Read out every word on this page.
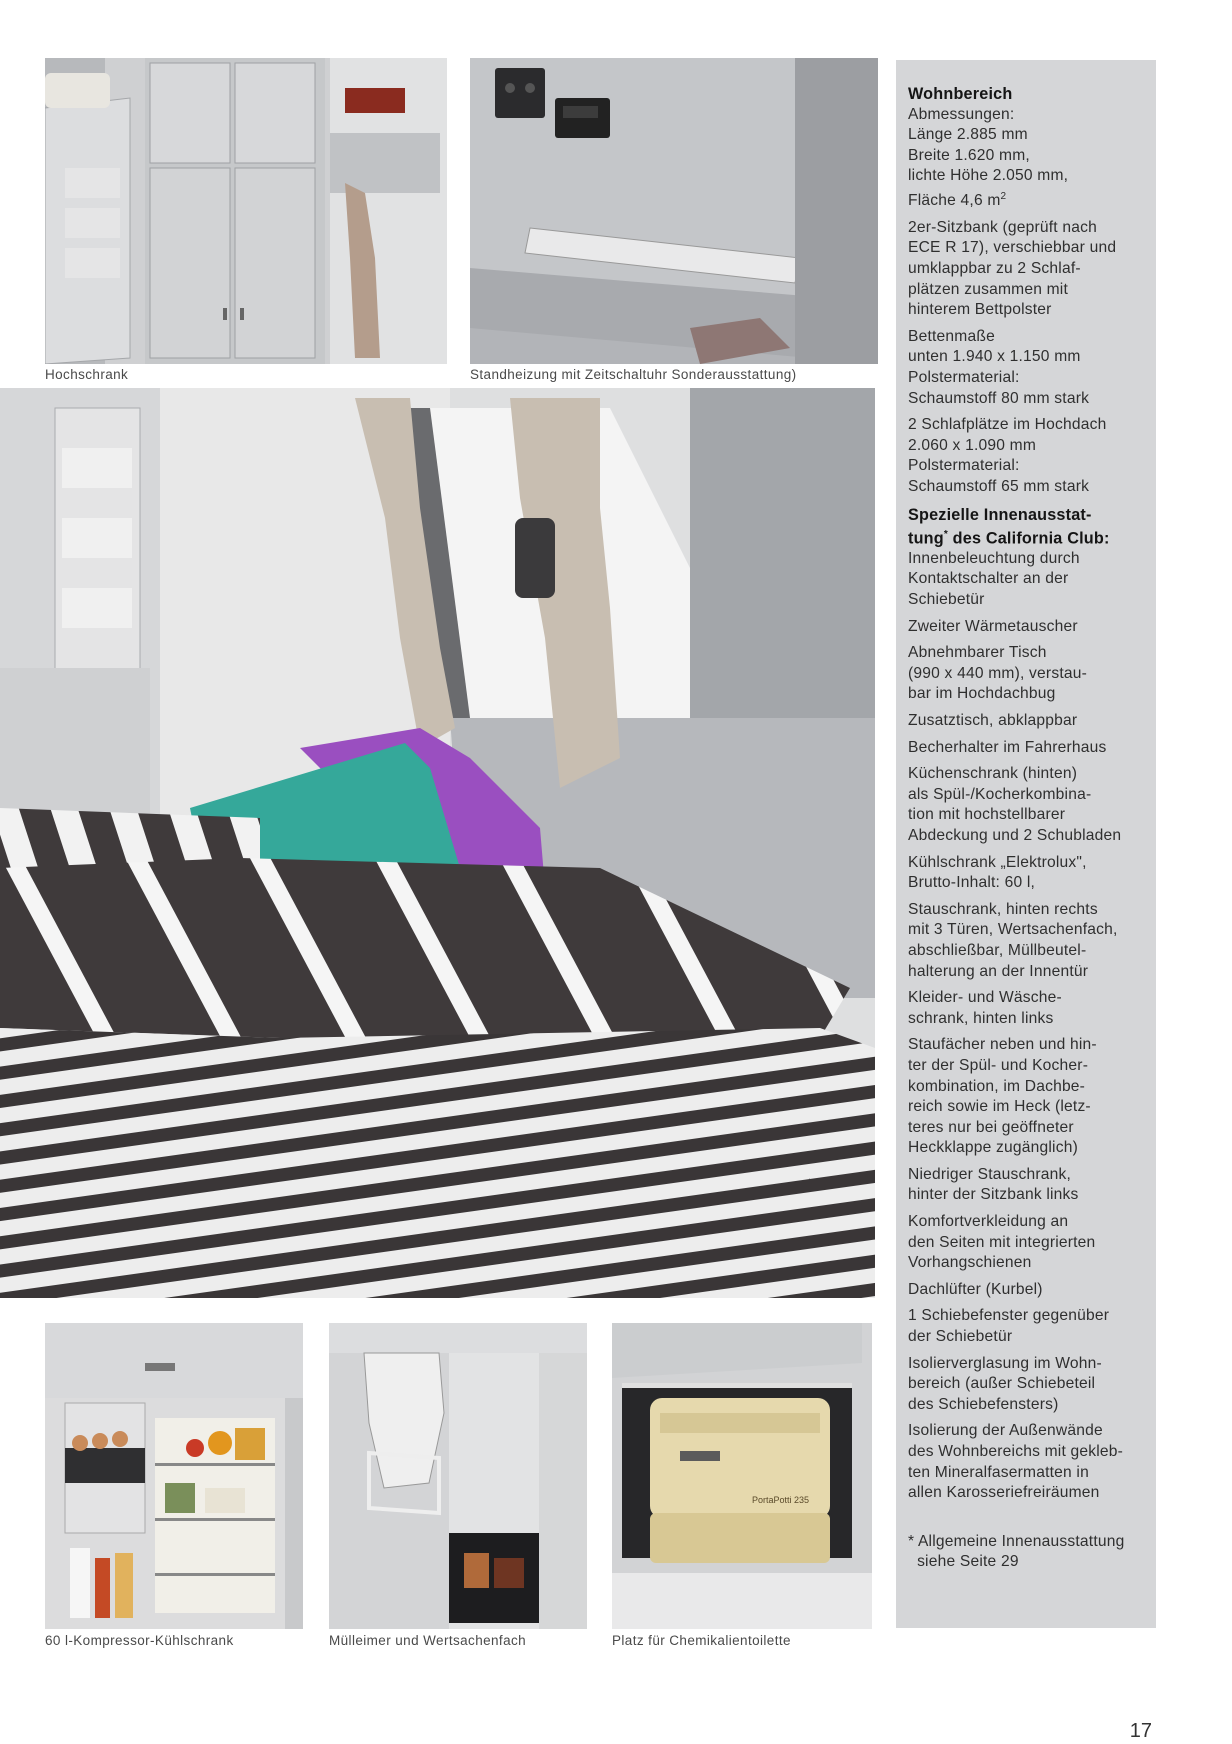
Hochschrank	Standheizung mit Zeitschaltuhr Sonderausstattung)
60 l-Kompressor-Kühlschrank	Mülleimer und Wertsachenfach
PortaPotti 235
Platz für Chemikalientoilette

Wohnbereich

Abmessungen:
Länge 2.885 mm
Breite 1.620 mm,
lichte Höhe 2.050 mm,
Fläche 4,6 $m^2$

2er-Sitzbank (geprüft nach
ECE R 17), verschiebbar und
umklappbar zu 2 Schlaf-
plätzen zusammen mit
hinterem Bettpolster

Bettenmaße
unten 1.940 x 1.150 mm
Polstermaterial:
Schaumstoff 80 mm stark

2 Schlafplätze im Hochdach
2.060 x 1.090 mm
Polstermaterial:
Schaumstoff 65 mm stark

Spezielle Innenausstat-
tung* des California Club:

Innenbeleuchtung durch
Kontaktschalter an der
Schiebetür

Zweiter Wärmetauscher

Abnehmbarer Tisch
(990 x 440 mm), verstau-
bar im Hochdachbug

Zusatztisch, abklappbar

Becherhalter im Fahrerhaus

Küchenschrank (hinten)
als Spül-/Kocherkombina-
tion mit hochstellbarer
Abdeckung und 2 Schubladen

Kühlschrank „Elektrolux",
Brutto-Inhalt: 60 l,

Stauschrank, hinten rechts
mit 3 Türen, Wertsachenfach,
abschließbar, Müllbeutel-
halterung an der Innentür

Kleider- und Wäsche-
schrank, hinten links

Staufächer neben und hin-
ter der Spül- und Kocher-
kombination, im Dachbe-
reich sowie im Heck (letz-
teres nur bei geöffneter
Heckklappe zugänglich)

Niedriger Stauschrank,
hinter der Sitzbank links

Komfortverkleidung an
den Seiten mit integrierten
Vorhangschienen

Dachlüfter (Kurbel)

1 Schiebefenster gegenüber
der Schiebetür

Isolierverglasung im Wohn-
bereich (außer Schiebeteil
des Schiebefensters)

Isolierung der Außenwände
des Wohnbereichs mit gekleb-
ten Mineralfasermatten in
allen Karosseriefreiräumen

* Allgemeine Innenausstattung
siehe Seite 29

17
